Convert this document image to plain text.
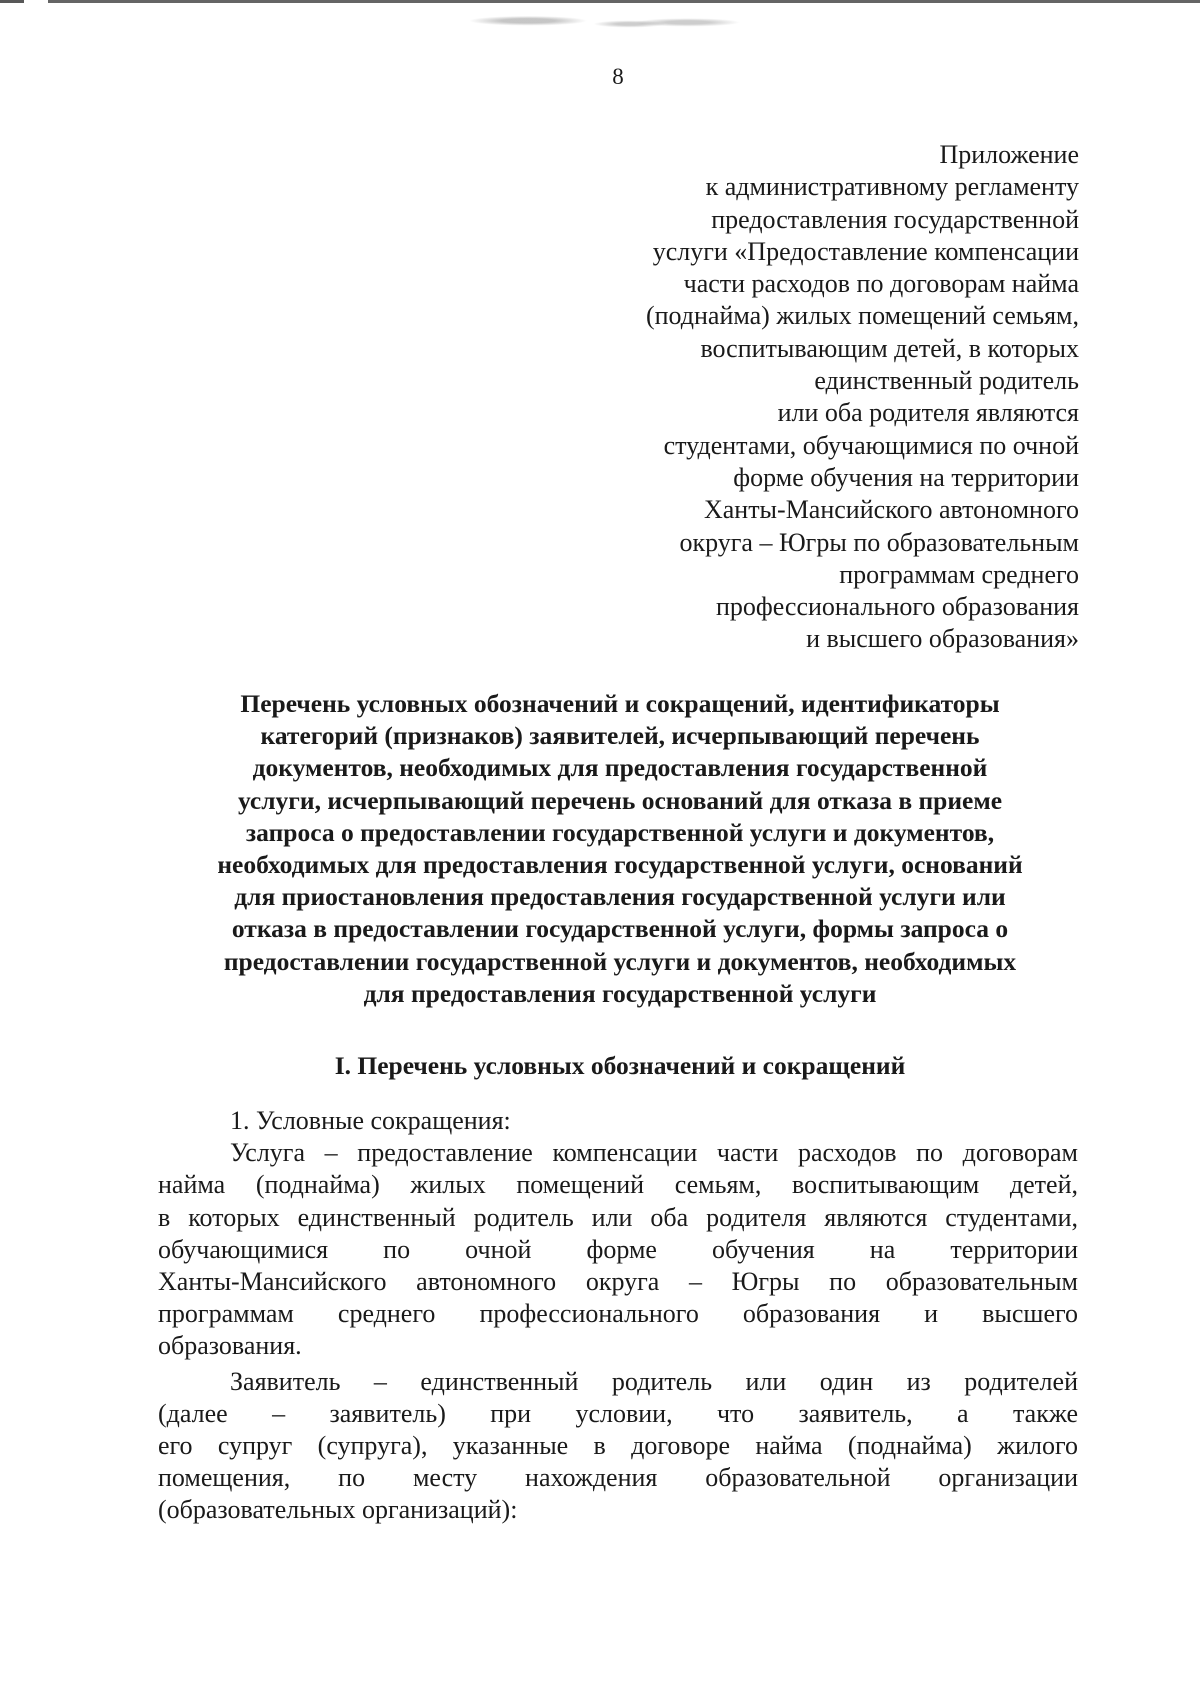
8
Приложение
к административному регламенту
предоставления государственной
услуги «Предоставление компенсации
части расходов по договорам найма
(поднайма) жилых помещений семьям,
воспитывающим детей, в которых
единственный родитель
или оба родителя являются
студентами, обучающимися по очной
форме обучения на территории
Ханты-Мансийского автономного
округа – Югры по образовательным
программам среднего
профессионального образования
и высшего образования»
Перечень условных обозначений и сокращений, идентификаторы
категорий (признаков) заявителей, исчерпывающий перечень
документов, необходимых для предоставления государственной
услуги, исчерпывающий перечень оснований для отказа в приеме
запроса о предоставлении государственной услуги и документов,
необходимых для предоставления государственной услуги, оснований
для приостановления предоставления государственной услуги или
отказа в предоставлении государственной услуги, формы запроса о
предоставлении государственной услуги и документов, необходимых
для предоставления государственной услуги
I. Перечень условных обозначений и сокращений
1. Условные сокращения:
Услуга – предоставление компенсации части расходов по договорам
найма (поднайма) жилых помещений семьям, воспитывающим детей,
в которых единственный родитель или оба родителя являются студентами,
обучающимися по очной форме обучения на территории
Ханты-Мансийского автономного округа – Югры по образовательным
программам среднего профессионального образования и высшего
образования.
Заявитель – единственный родитель или один из родителей
(далее – заявитель) при условии, что заявитель, а также
его супруг (супруга), указанные в договоре найма (поднайма) жилого
помещения, по месту нахождения образовательной организации
(образовательных организаций):
